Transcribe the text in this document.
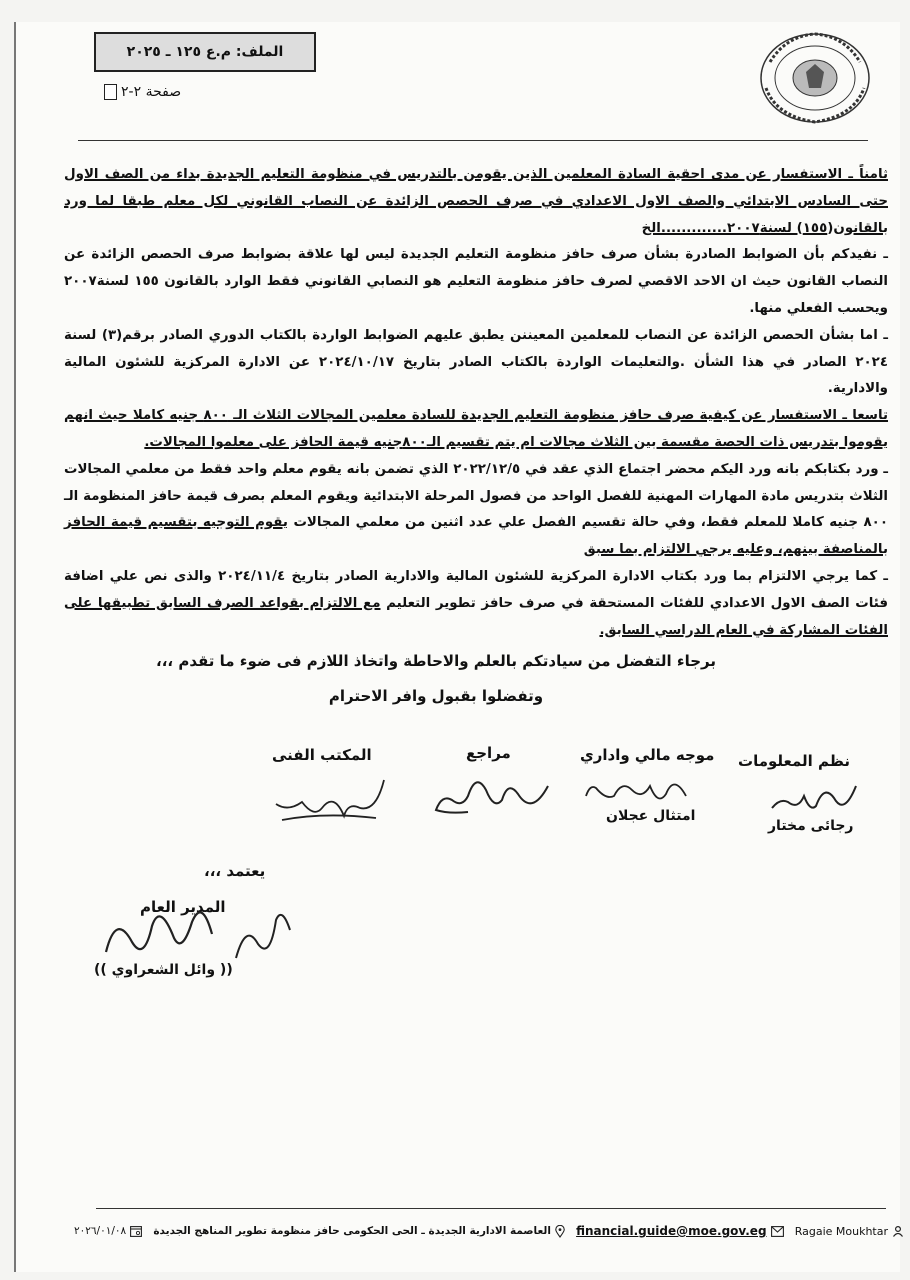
الملف: م.ع ١٢٥ ـ ٢٠٢٥
صفحة ٢-٢

ثامناً ـ الاستفسار عن مدى احقية السادة المعلمين الذين يقومن بالتدريس في منظومة التعليم الجديدة بداء من الصف الاول حتى السادس الابتدائي والصف الاول الاعدادي في صرف الحصص الزائدة عن النصاب القانوني لكل معلم طبقا لما ورد بالقانون(١٥٥) لسنة٢٠٠٧.............الخ

ـ نفيدكم بأن الضوابط الصادرة بشأن صرف حافز منظومة التعليم الجديدة ليس لها علاقة بضوابط صرف الحصص الزائدة عن النصاب القانون حيث ان الاحد الاقصي لصرف حافز منظومة التعليم هو النصابي القانوني فقط الوارد بالقانون ١٥٥ لسنة٢٠٠٧ ويحسب الفعلي منها.

ـ اما بشأن الحصص الزائدة عن النصاب للمعلمين المعيننن يطبق عليهم الضوابط الواردة بالكتاب الدوري الصادر برقم(٣) لسنة ٢٠٢٤ الصادر في هذا الشأن .والتعليمات الواردة بالكتاب الصادر بتاريخ ٢٠٢٤/١٠/١٧ عن الادارة المركزية للشئون المالية والادارية.

تاسعا ـ الاستفسار عن كيفية صرف حافز منظومة التعليم الجديدة للسادة معلمين المجالات الثلاث الـ ٨٠٠ جنيه كاملا حيث انهم يقوموا بتدريس ذات الحصة مقسمة بين الثلاث مجالات ام يتم تقسيم الـ٨٠٠جنيه قيمة الحافز على معلموا المجالات.

ـ ورد بكتابكم بانه ورد اليكم محضر اجتماع الذي عقد في ٢٠٢٢/١٢/٥ الذي تضمن بانه يقوم معلم واحد فقط من معلمي المجالات الثلاث بتدريس مادة المهارات المهنية للفصل الواحد من فصول المرحلة الابتدائية ويقوم المعلم بصرف قيمة حافز المنظومة الـ ٨٠٠ جنيه كاملا للمعلم فقط، وفي حالة تقسيم الفصل علي عدد اثنين من معلمي المجالات يقوم التوجيه بتقسيم قيمة الحافز بالمناصفة بينهم، وعليه يرجي الالتزام بما سبق

ـ كما يرجي الالتزام بما ورد بكتاب الادارة المركزية للشئون المالية والادارية الصادر بتاريخ ٢٠٢٤/١١/٤ والذى نص علي اضافة فئات الصف الاول الاعدادي للفئات المستحقة في صرف حافز تطوير التعليم مع الالتزام بقواعد الصرف السابق تطبيقها على الفئات المشاركة في العام الدراسي السابق.

برجاء التفضل من سيادتكم بالعلم والاحاطة واتخاذ اللازم فى ضوء ما تقدم ،،،
وتفضلوا بقبول وافر الاحترام
نظم المعلومات
موجه مالي واداري
مراجع
المكتب الفنى
رجائى مختار
امتثال عجلان
يعتمد ،،،
المدير العام
(( وائل الشعراوي ))
Ragaie Moukhtar
financial.guide@moe.gov.eg
العاصمة الادارية الجديدة ـ الحى الحكومى حافز منظومة تطوير المناهج الجديدة
٢٠٢٦/٠١/٠٨
